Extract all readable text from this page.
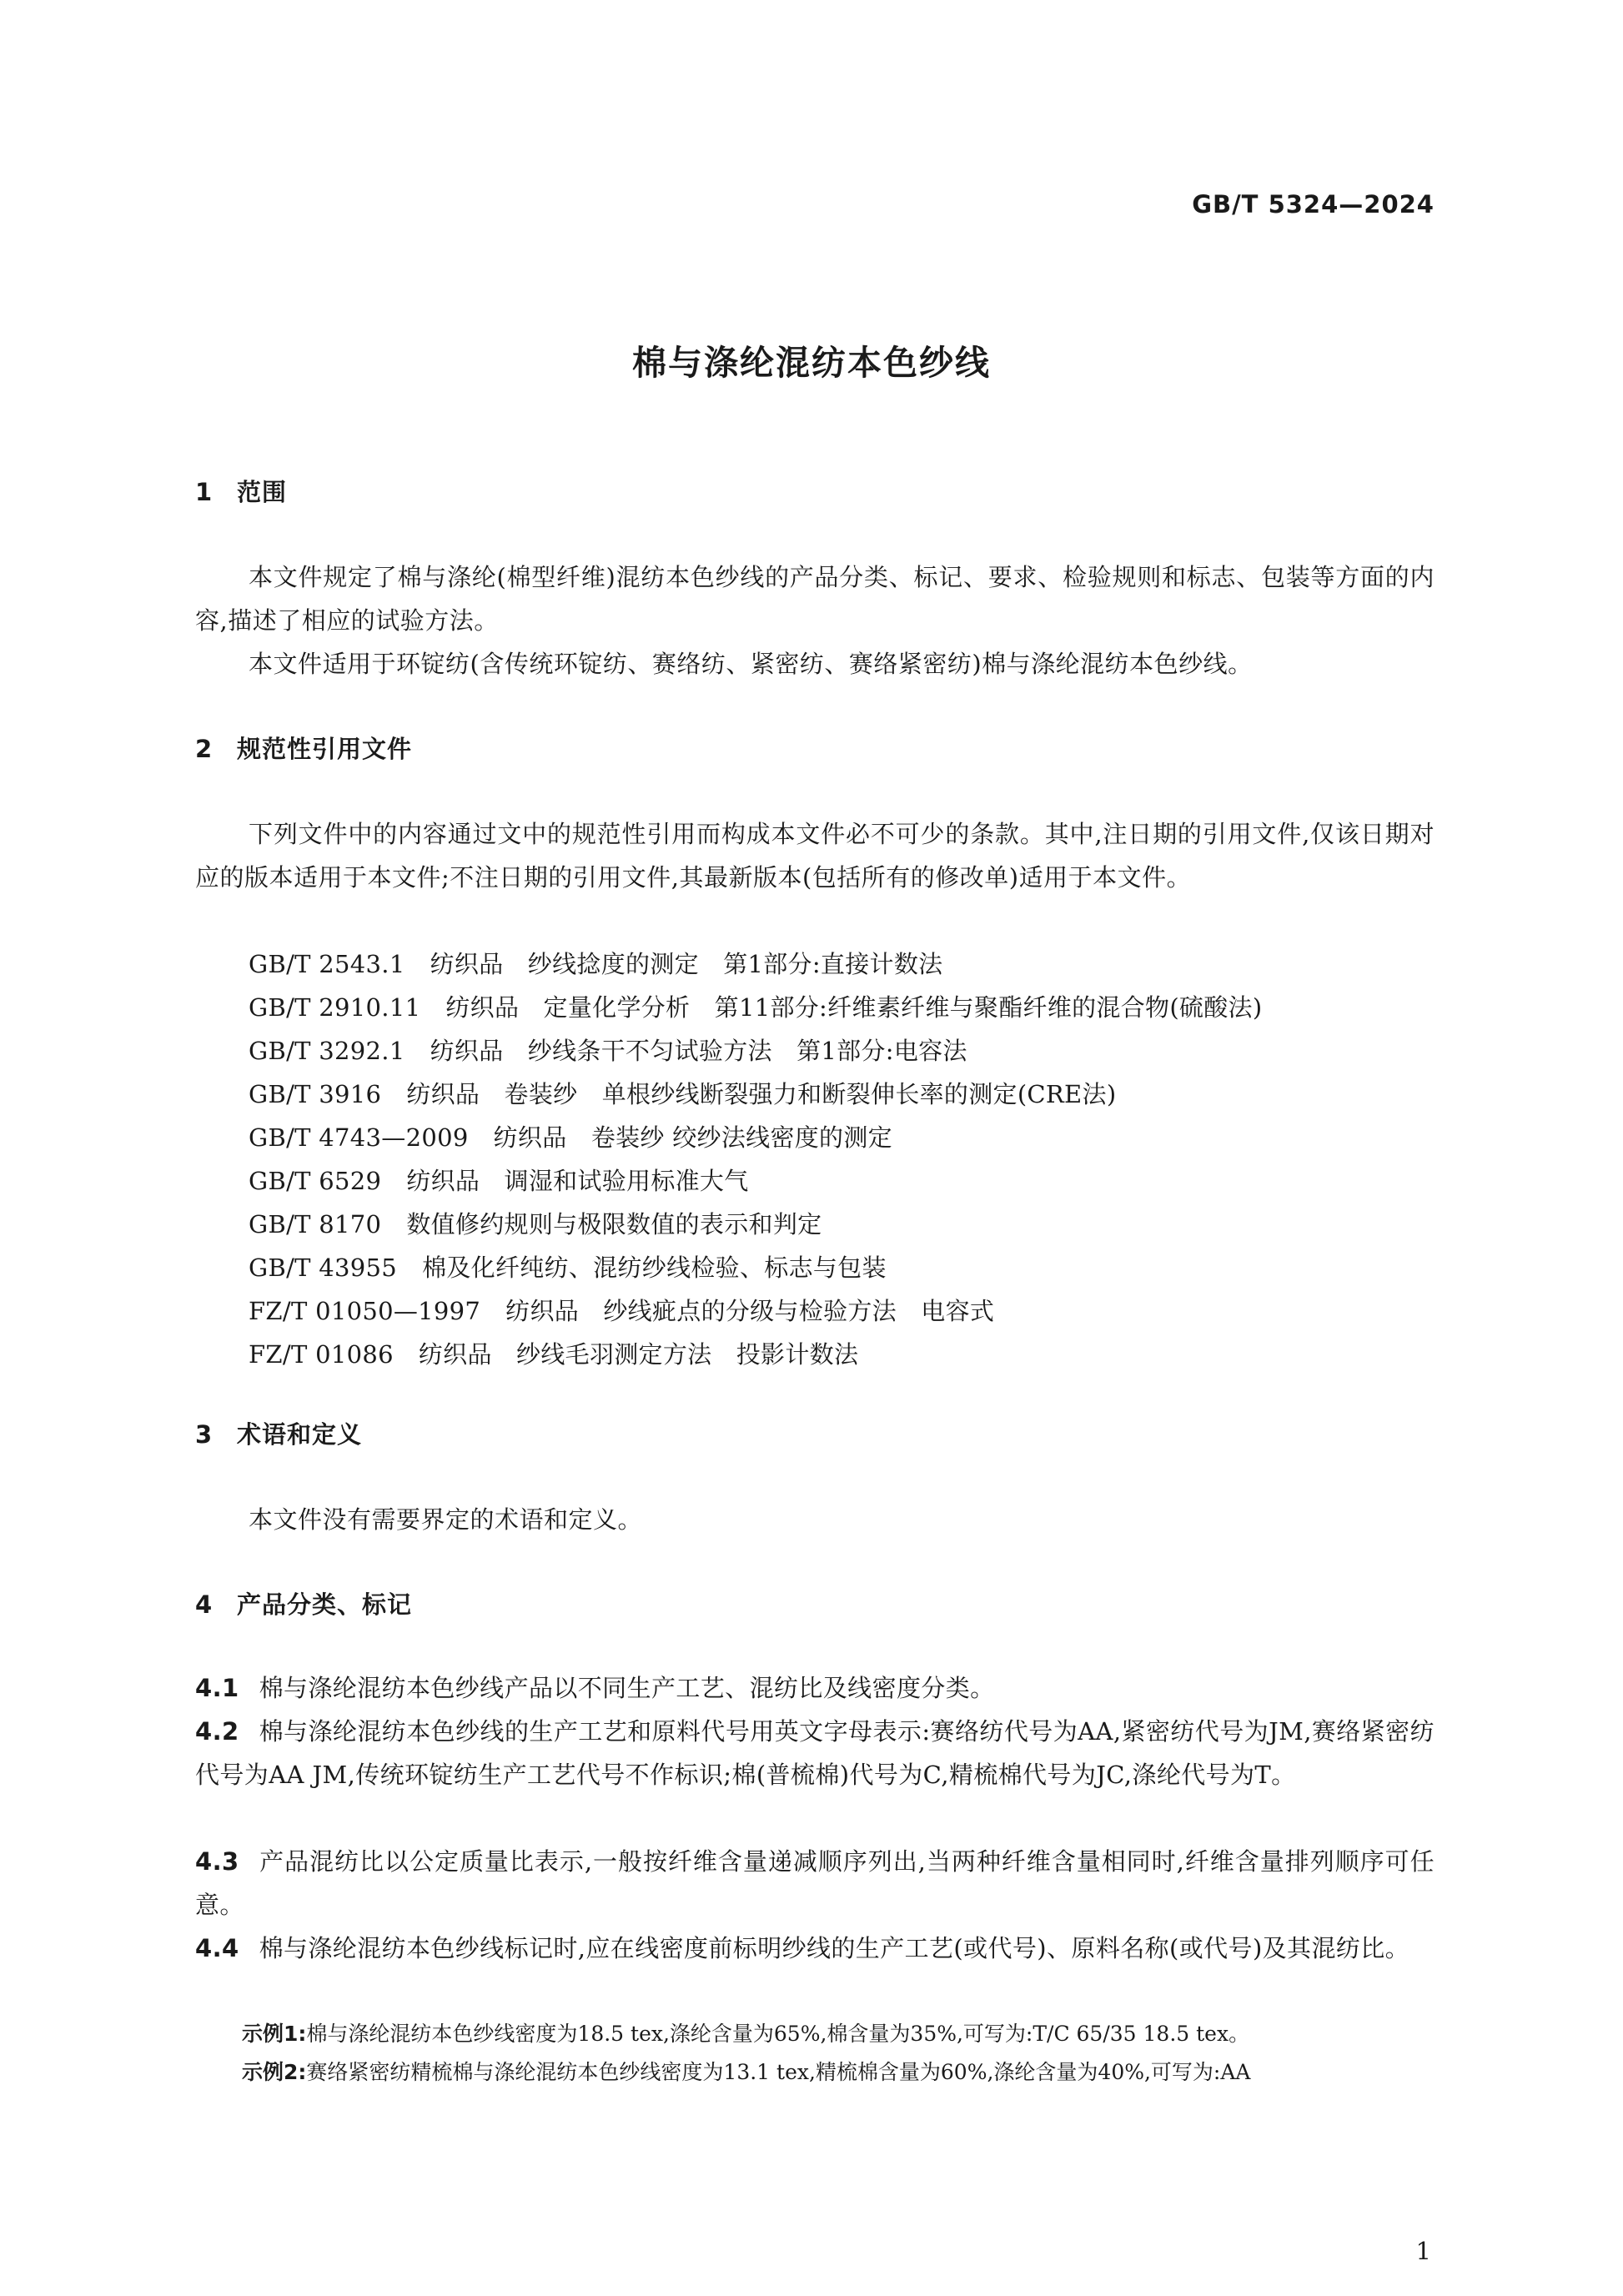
GB/T 5324—2024
棉与涤纶混纺本色纱线
1 范围
本文件规定了棉与涤纶(棉型纤维)混纺本色纱线的产品分类、标记、要求、检验规则和标志、包装等方面的内容,描述了相应的试验方法。
本文件适用于环锭纺(含传统环锭纺、赛络纺、紧密纺、赛络紧密纺)棉与涤纶混纺本色纱线。
2 规范性引用文件
下列文件中的内容通过文中的规范性引用而构成本文件必不可少的条款。其中,注日期的引用文件,仅该日期对应的版本适用于本文件;不注日期的引用文件,其最新版本(包括所有的修改单)适用于本文件。
GB/T 2543.1 纺织品　纱线捻度的测定　第1部分:直接计数法
GB/T 2910.11 纺织品　定量化学分析　第11部分:纤维素纤维与聚酯纤维的混合物(硫酸法)
GB/T 3292.1 纺织品　纱线条干不匀试验方法　第1部分:电容法
GB/T 3916 纺织品　卷装纱　单根纱线断裂强力和断裂伸长率的测定(CRE法)
GB/T 4743—2009 纺织品　卷装纱 绞纱法线密度的测定
GB/T 6529 纺织品　调湿和试验用标准大气
GB/T 8170 数值修约规则与极限数值的表示和判定
GB/T 43955 棉及化纤纯纺、混纺纱线检验、标志与包装
FZ/T 01050—1997 纺织品　纱线疵点的分级与检验方法　电容式
FZ/T 01086 纺织品　纱线毛羽测定方法　投影计数法
3 术语和定义
本文件没有需要界定的术语和定义。
4 产品分类、标记
4.1 棉与涤纶混纺本色纱线产品以不同生产工艺、混纺比及线密度分类。
4.2 棉与涤纶混纺本色纱线的生产工艺和原料代号用英文字母表示:赛络纺代号为AA,紧密纺代号为JM,赛络紧密纺代号为AA JM,传统环锭纺生产工艺代号不作标识;棉(普梳棉)代号为C,精梳棉代号为JC,涤纶代号为T。
4.3 产品混纺比以公定质量比表示,一般按纤维含量递减顺序列出,当两种纤维含量相同时,纤维含量排列顺序可任意。
4.4 棉与涤纶混纺本色纱线标记时,应在线密度前标明纱线的生产工艺(或代号)、原料名称(或代号)及其混纺比。
示例1:棉与涤纶混纺本色纱线密度为18.5 tex,涤纶含量为65%,棉含量为35%,可写为:T/C 65/35 18.5 tex。
示例2:赛络紧密纺精梳棉与涤纶混纺本色纱线密度为13.1 tex,精梳棉含量为60%,涤纶含量为40%,可写为:AA
1
